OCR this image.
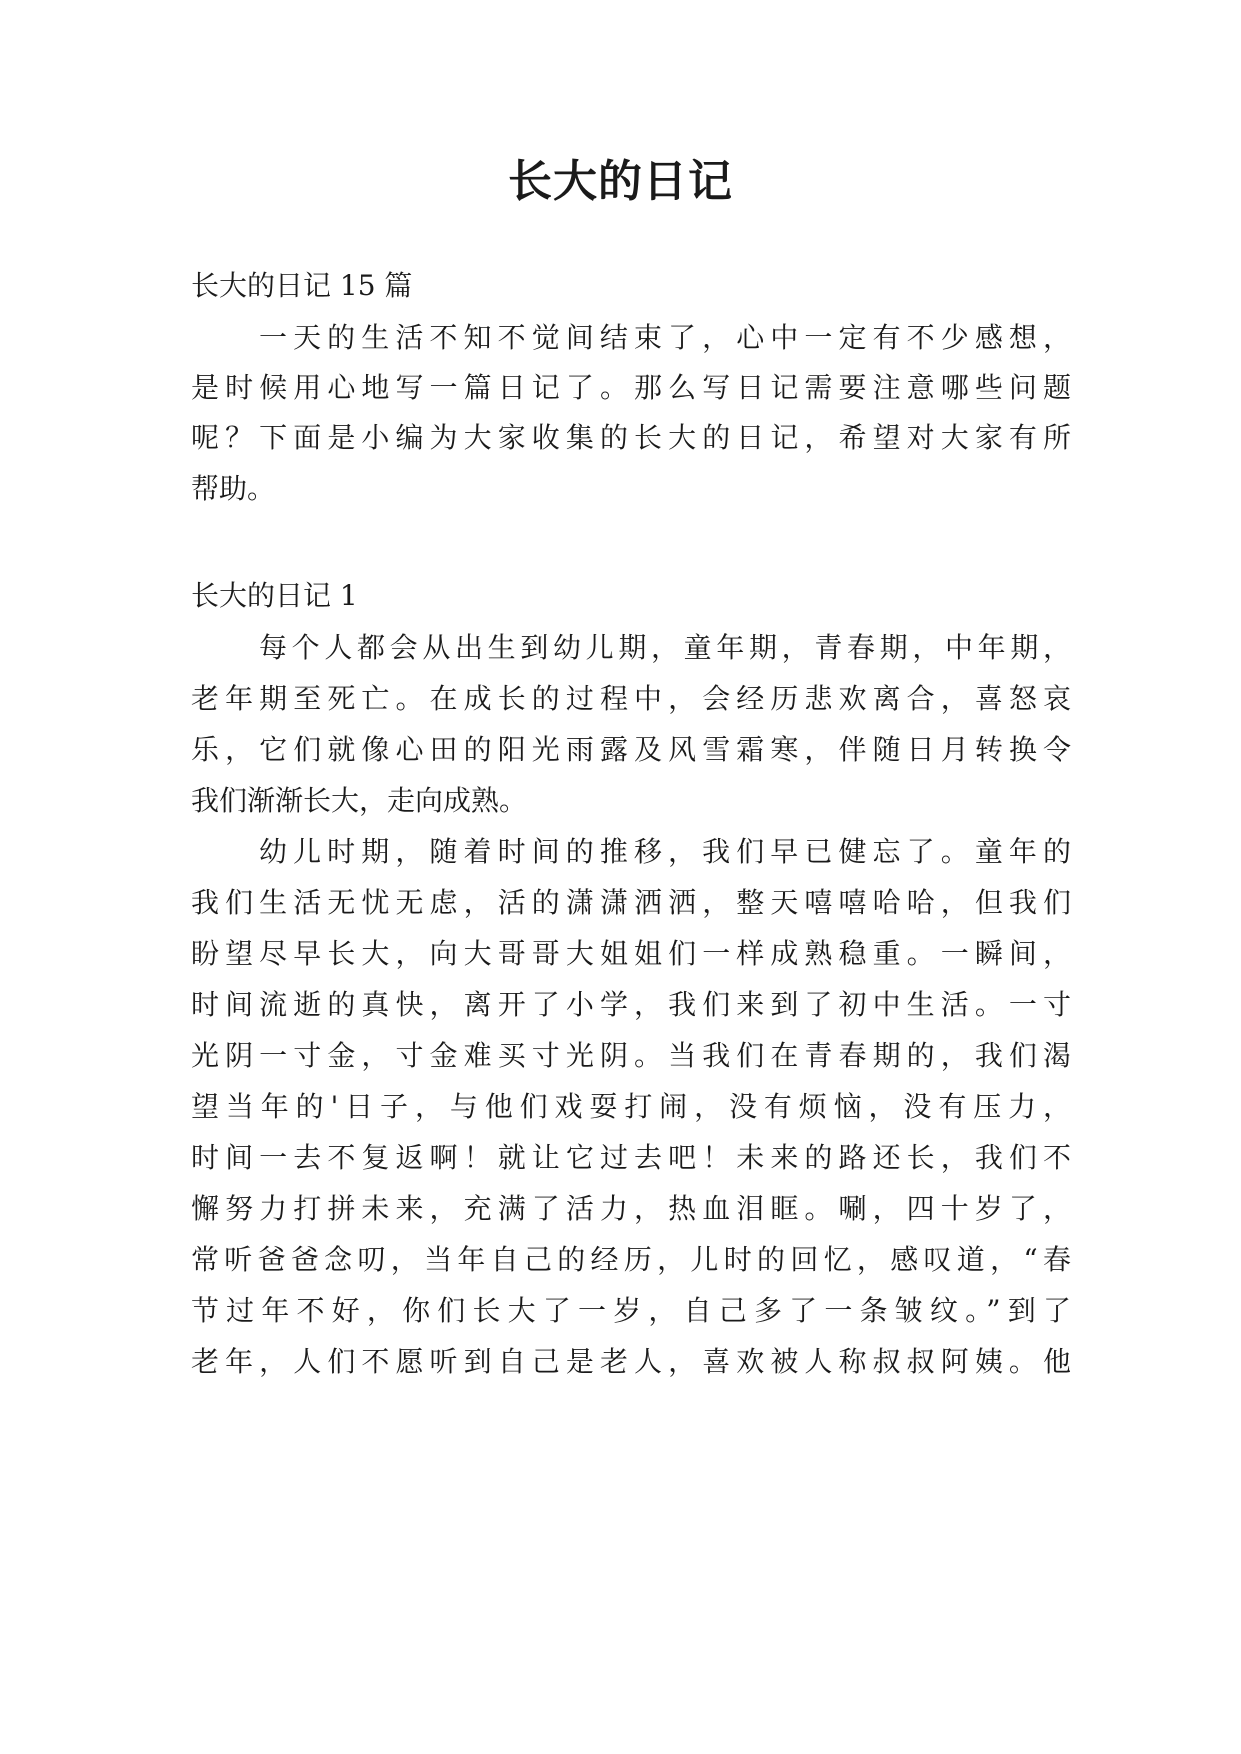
长大的日记

长大的日记 15 篇

一天的生活不知不觉间结束了，心中一定有不少感想，

是时候用心地写一篇日记了。那么写日记需要注意哪些问题

呢？下面是小编为大家收集的长大的日记，希望对大家有所

帮助。

长大的日记 1

每个人都会从出生到幼儿期，童年期，青春期，中年期，

老年期至死亡。在成长的过程中，会经历悲欢离合，喜怒哀

乐，它们就像心田的阳光雨露及风雪霜寒，伴随日月转换令

我们渐渐长大，走向成熟。

幼儿时期，随着时间的推移，我们早已健忘了。童年的

我们生活无忧无虑，活的潇潇洒洒，整天嘻嘻哈哈，但我们

盼望尽早长大，向大哥哥大姐姐们一样成熟稳重。一瞬间，

时间流逝的真快，离开了小学，我们来到了初中生活。一寸

光阴一寸金，寸金难买寸光阴。当我们在青春期的，我们渴

望当年的'日子，与他们戏耍打闹，没有烦恼，没有压力，

时间一去不复返啊！就让它过去吧！未来的路还长，我们不

懈努力打拼未来，充满了活力，热血泪眶。唰，四十岁了，

常听爸爸念叨，当年自己的经历，儿时的回忆，感叹道，“春

节过年不好，你们长大了一岁，自己多了一条皱纹。”到了

老年，人们不愿听到自己是老人，喜欢被人称叔叔阿姨。他
